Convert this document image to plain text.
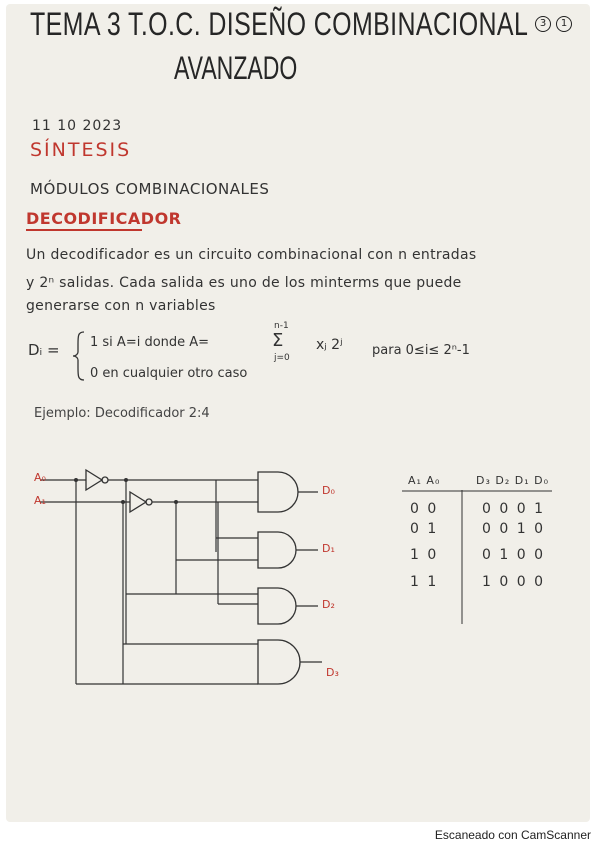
TEMA 3 T.O.C. DISEÑO COMBINACIONAL
AVANZADO
3	1
11 10 2023
SÍNTESIS
MÓDULOS COMBINACIONALES
DECODIFICADOR
Un decodificador es un circuito combinacional con n entradas
y 2ⁿ salidas. Cada salida es uno de los minterms que puede
generarse con n variables
Dᵢ = 1 si A=i donde A=
n-1
Σ
j=0
xⱼ 2ʲ para 0≤i≤ 2ⁿ-1
0 en cualquier otro caso
Ejemplo: Decodificador 2:4
A₀
A₁
D₀
D₁
D₂
D₃
A₁ A₀	D₃ D₂ D₁ D₀
0 0	0 0 0 1
0 1	0 0 1 0
1 0	0 1 0 0
1 1	1 0 0 0
Escaneado con CamScanner
